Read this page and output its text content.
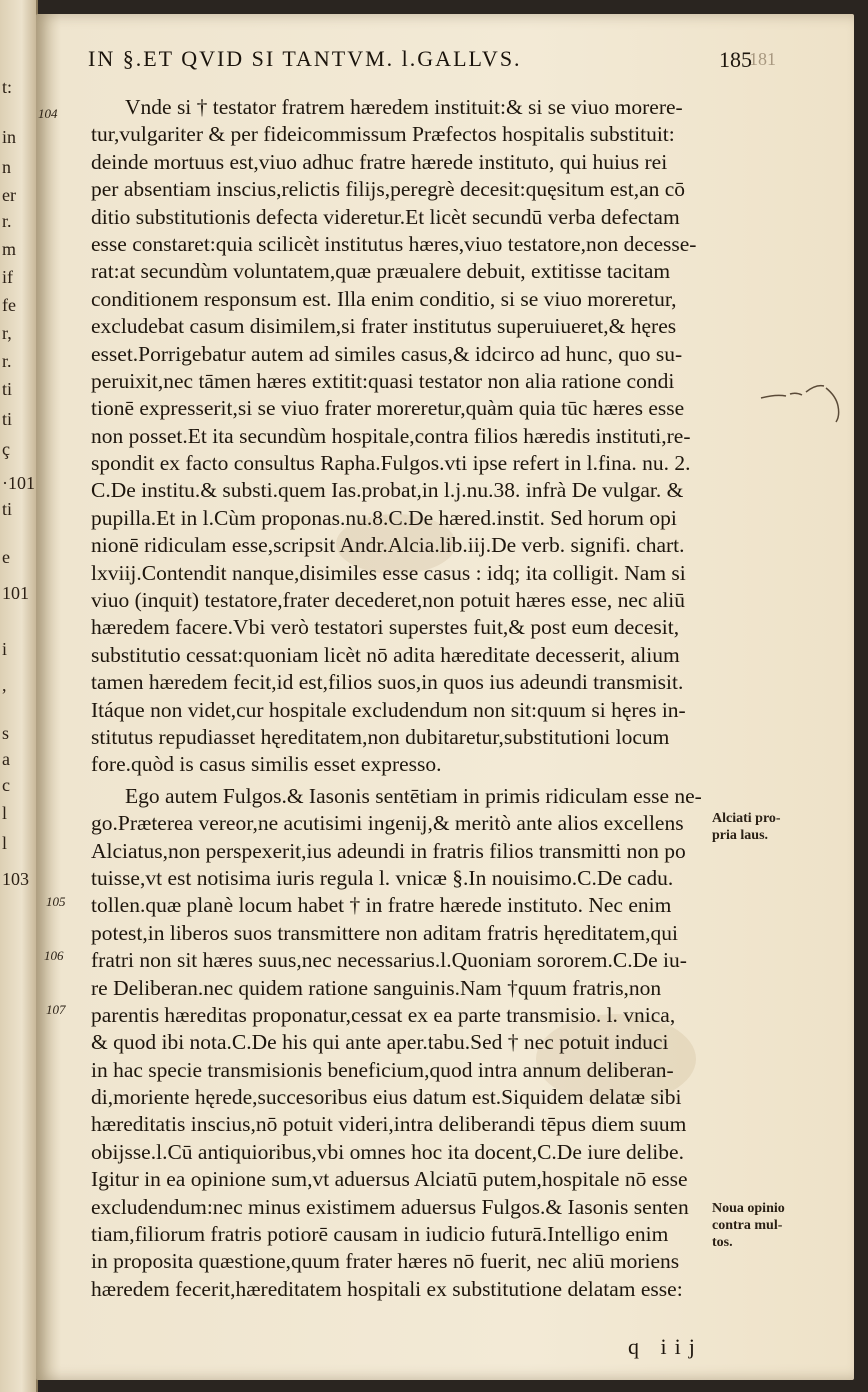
t:
in
n
er
r.
m
if
fe
r,
r.
ti
ti
ç
·101
ti
e
101
i
,
s
a
c
l
l
103
IN §.ET QVID SI TANTVM. l.GALLVS.	185
181
Vnde si † testator fratrem hæredem instituit:& si se viuo morere-
tur,vulgariter & per fideicommissum Præfectos hospitalis substituit:
deinde mortuus est,viuo adhuc fratre hærede instituto, qui huius rei
per absentiam inscius,relictis filijs,peregrè decesit:quęsitum est,an cō
ditio substitutionis defecta videretur.Et licèt secundū verba defectam
esse constaret:quia scilicèt institutus hæres,viuo testatore,non decesse-
rat:at secundùm voluntatem,quæ præualere debuit, extitisse tacitam
conditionem responsum est. Illa enim conditio, si se viuo moreretur,
excludebat casum disimilem,si frater institutus superuiueret,& hęres
esset.Porrigebatur autem ad similes casus,& idcirco ad hunc, quo su-
peruixit,nec tāmen hæres extitit:quasi testator non alia ratione condi
tionē expresserit,si se viuo frater moreretur,quàm quia tūc hæres esse
non posset.Et ita secundùm hospitale,contra filios hæredis instituti,re-
spondit ex facto consultus Rapha.Fulgos.vti ipse refert in l.fina. nu. 2.
C.De institu.& substi.quem Ias.probat,in l.j.nu.38. infrà De vulgar. &
pupilla.Et in l.Cùm proponas.nu.8.C.De hæred.instit. Sed horum opi
nionē ridiculam esse,scripsit Andr.Alcia.lib.iij.De verb. signifi. chart.
lxviij.Contendit nanque,disimiles esse casus : idq; ita colligit. Nam si
viuo (inquit) testatore,frater decederet,non potuit hæres esse, nec aliū
hæredem facere.Vbi verò testatori superstes fuit,& post eum decesit,
substitutio cessat:quoniam licèt nō adita hæreditate decesserit, alium
tamen hæredem fecit,id est,filios suos,in quos ius adeundi transmisit.
Itáque non videt,cur hospitale excludendum non sit:quum si hęres in-
stitutus repudiasset hęreditatem,non dubitaretur,substitutioni locum
fore.quòd is casus similis esset expresso.
Ego autem Fulgos.& Iasonis sentētiam in primis ridiculam esse ne-
go.Præterea vereor,ne acutisimi ingenij,& meritò ante alios excellens
Alciatus,non perspexerit,ius adeundi in fratris filios transmitti non po
tuisse,vt est notisima iuris regula l. vnicæ §.In nouisimo.C.De cadu.
tollen.quæ planè locum habet † in fratre hærede instituto. Nec enim
potest,in liberos suos transmittere non aditam fratris hęreditatem,qui
fratri non sit hæres suus,nec necessarius.l.Quoniam sororem.C.De iu-
re Deliberan.nec quidem ratione sanguinis.Nam †quum fratris,non
parentis hæreditas proponatur,cessat ex ea parte transmisio. l. vnica,
& quod ibi nota.C.De his qui ante aper.tabu.Sed † nec potuit induci
in hac specie transmisionis beneficium,quod intra annum deliberan-
di,moriente hęrede,succesoribus eius datum est.Siquidem delatæ sibi
hæreditatis inscius,nō potuit videri,intra deliberandi tēpus diem suum
obijsse.l.Cū antiquioribus,vbi omnes hoc ita docent,C.De iure delibe.
Igitur in ea opinione sum,vt aduersus Alciatū putem,hospitale nō esse
excludendum:nec minus existimem aduersus Fulgos.& Iasonis senten
tiam,filiorum fratris potiorē causam in iudicio futurā.Intelligo enim
in proposita quæstione,quum frater hæres nō fuerit, nec aliū moriens
hæredem fecerit,hæreditatem hospitali ex substitutione delatam esse:
104
105
106
107
Alciati pro-
pria laus.
Noua opinio
contra mul-
tos.
q iij
